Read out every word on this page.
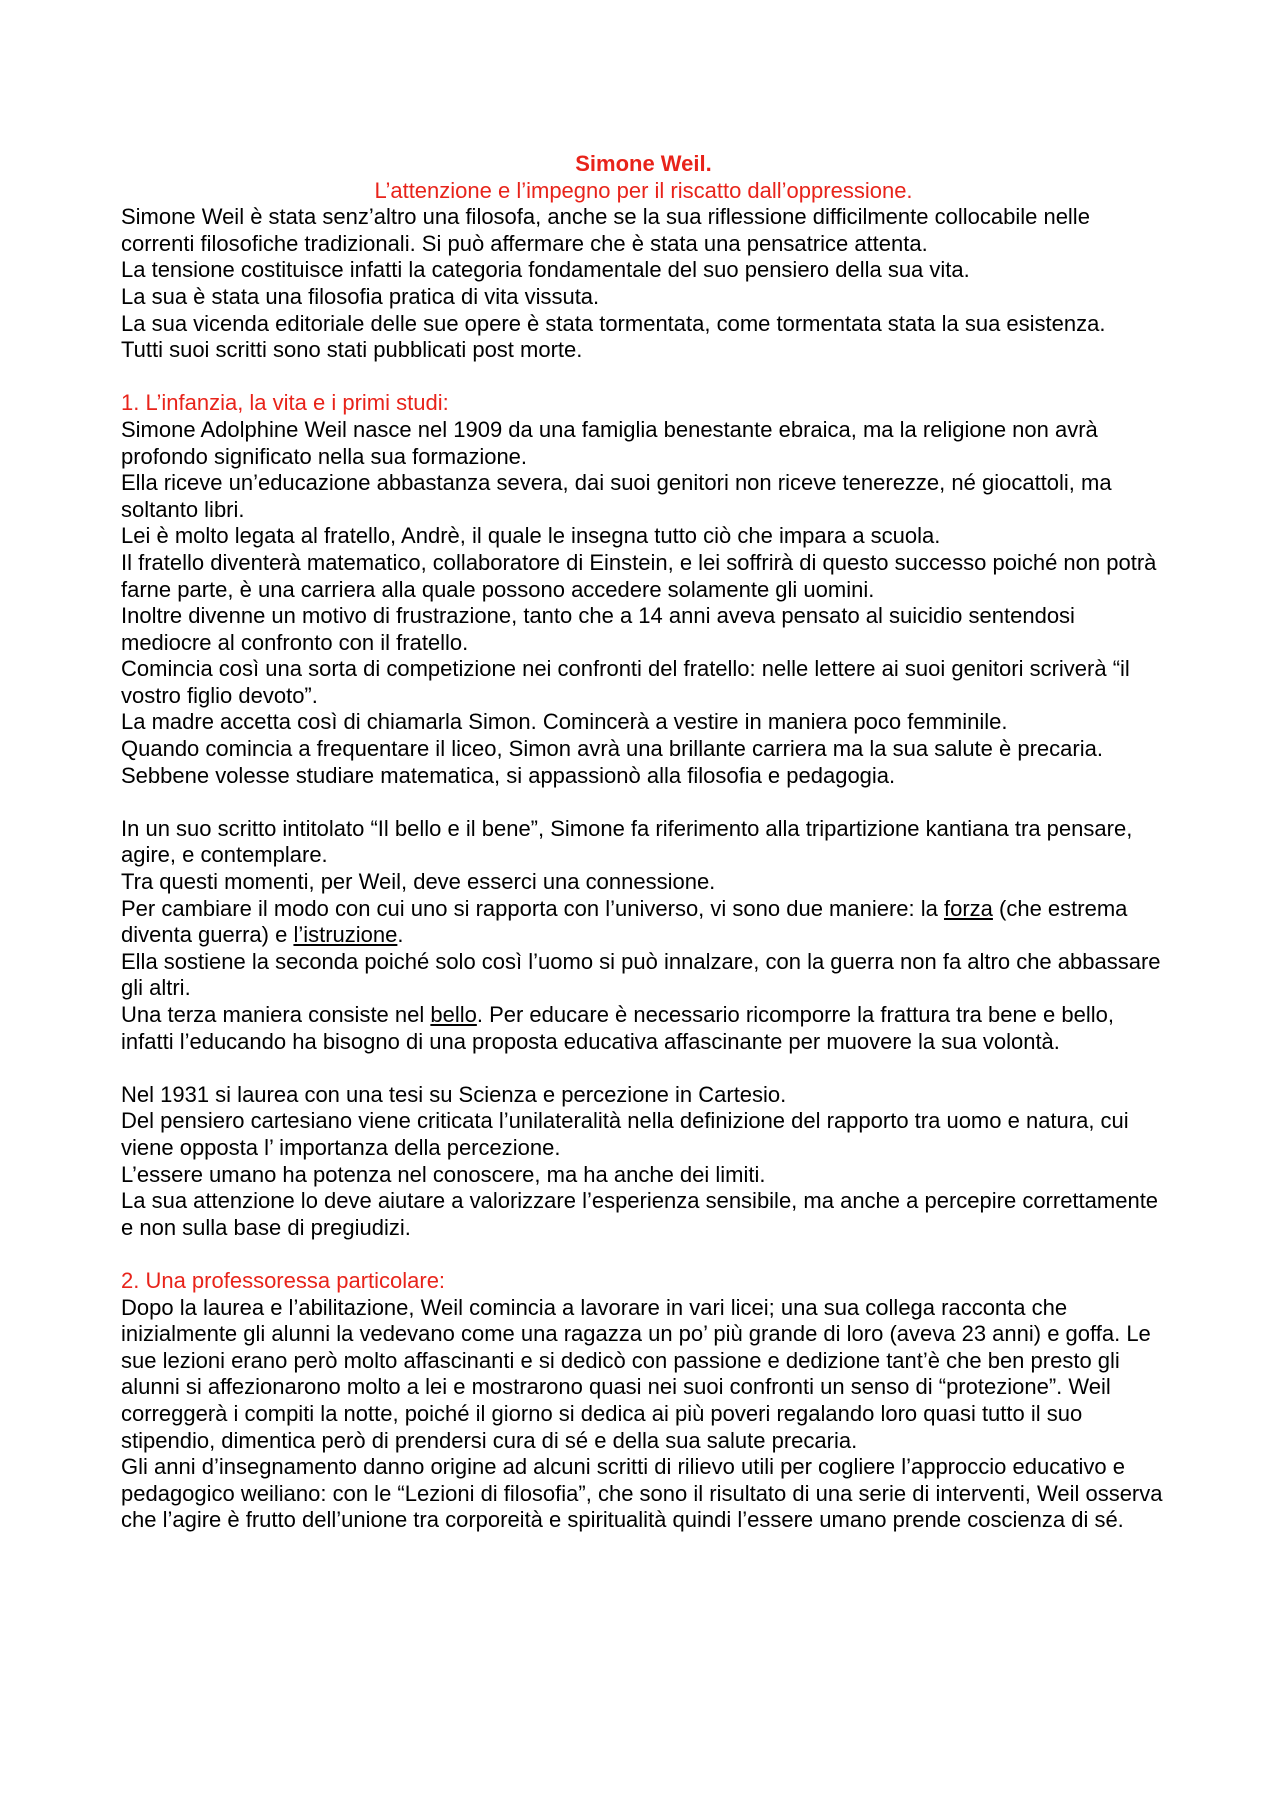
Simone Weil.

L’attenzione e l’impegno per il riscatto dall’oppressione.

Simone Weil è stata senz’altro una filosofa, anche se la sua riflessione difficilmente collocabile nelle correnti filosofiche tradizionali. Si può affermare che è stata una pensatrice attenta.

La tensione costituisce infatti la categoria fondamentale del suo pensiero della sua vita.

La sua è stata una filosofia pratica di vita vissuta.

La sua vicenda editoriale delle sue opere è stata tormentata, come tormentata stata la sua esistenza.

Tutti suoi scritti sono stati pubblicati post morte.

1. L’infanzia, la vita e i primi studi:

Simone Adolphine Weil nasce nel 1909 da una famiglia benestante ebraica, ma la religione non avrà profondo significato nella sua formazione.

Ella riceve un’educazione abbastanza severa, dai suoi genitori non riceve tenerezze, né giocattoli, ma soltanto libri.

Lei è molto legata al fratello, Andrè, il quale le insegna tutto ciò che impara a scuola.

Il fratello diventerà matematico, collaboratore di Einstein, e lei soffrirà di questo successo poiché non potrà farne parte, è una carriera alla quale possono accedere solamente gli uomini.

Inoltre divenne un motivo di frustrazione, tanto che a 14 anni aveva pensato al suicidio sentendosi mediocre al confronto con il fratello.

Comincia così una sorta di competizione nei confronti del fratello: nelle lettere ai suoi genitori scriverà “il vostro figlio devoto”.

La madre accetta così di chiamarla Simon. Comincerà a vestire in maniera poco femminile.

Quando comincia a frequentare il liceo, Simon avrà una brillante carriera ma la sua salute è precaria.

Sebbene volesse studiare matematica, si appassionò alla filosofia e pedagogia.

In un suo scritto intitolato “Il bello e il bene”, Simone fa riferimento alla tripartizione kantiana tra pensare, agire, e contemplare.

Tra questi momenti, per Weil, deve esserci una connessione.

Per cambiare il modo con cui uno si rapporta con l’universo, vi sono due maniere: la forza (che estrema diventa guerra) e l’istruzione.

Ella sostiene la seconda poiché solo così l’uomo si può innalzare, con la guerra non fa altro che abbassare gli altri.

Una terza maniera consiste nel bello. Per educare è necessario ricomporre la frattura tra bene e bello, infatti l’educando ha bisogno di una proposta educativa affascinante per muovere la sua volontà.

Nel 1931 si laurea con una tesi su Scienza e percezione in Cartesio.

Del pensiero cartesiano viene criticata l’unilateralità nella definizione del rapporto tra uomo e natura, cui viene opposta l’ importanza della percezione.

L’essere umano ha potenza nel conoscere, ma ha anche dei limiti.

La sua attenzione lo deve aiutare a valorizzare l’esperienza sensibile, ma anche a percepire correttamente e non sulla base di pregiudizi.

2. Una professoressa particolare:

Dopo la laurea e l’abilitazione, Weil comincia a lavorare in vari licei; una sua collega racconta che inizialmente gli alunni la vedevano come una ragazza un po’ più grande di loro (aveva 23 anni) e goffa. Le sue lezioni erano però molto affascinanti e si dedicò con passione e dedizione tant’è che ben presto gli alunni si affezionarono molto a lei e mostrarono quasi nei suoi confronti un senso di “protezione”. Weil correggerà i compiti la notte, poiché il giorno si dedica ai più poveri regalando loro quasi tutto il suo stipendio, dimentica però di prendersi cura di sé e della sua salute precaria.

Gli anni d’insegnamento danno origine ad alcuni scritti di rilievo utili per cogliere l’approccio educativo e pedagogico weiliano: con le “Lezioni di filosofia”, che sono il risultato di una serie di interventi, Weil osserva che l’agire è frutto dell’unione tra corporeità e spiritualità quindi l’essere umano prende coscienza di sé.
